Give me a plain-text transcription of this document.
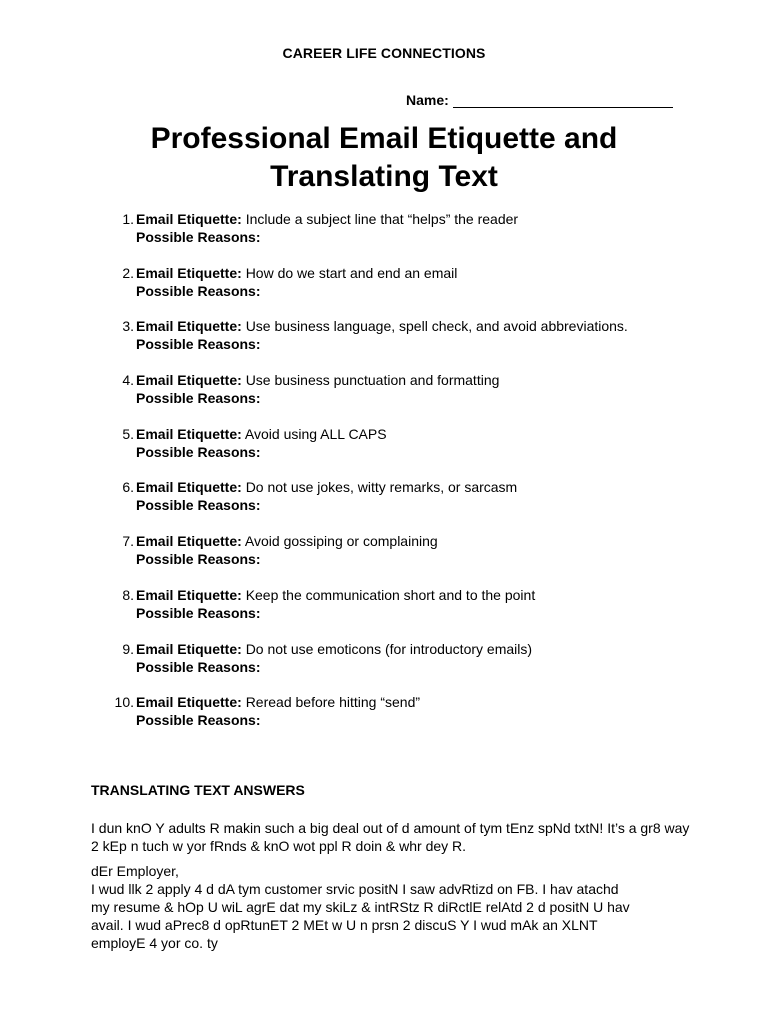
CAREER LIFE CONNECTIONS
Name:
Professional Email Etiquette and
Translating Text
1. Email Etiquette: Include a subject line that “helps” the reader
Possible Reasons:
2. Email Etiquette: How do we start and end an email
Possible Reasons:
3. Email Etiquette: Use business language, spell check, and avoid abbreviations.
Possible Reasons:
4. Email Etiquette: Use business punctuation and formatting
Possible Reasons:
5. Email Etiquette: Avoid using ALL CAPS
Possible Reasons:
6. Email Etiquette: Do not use jokes, witty remarks, or sarcasm
Possible Reasons:
7. Email Etiquette: Avoid gossiping or complaining
Possible Reasons:
8. Email Etiquette: Keep the communication short and to the point
Possible Reasons:
9. Email Etiquette: Do not use emoticons (for introductory emails)
Possible Reasons:
10. Email Etiquette: Reread before hitting “send”
Possible Reasons:
TRANSLATING TEXT ANSWERS
I dun knO Y adults R makin such a big deal out of d amount of tym tEnz spNd txtN! It’s a gr8 way 2 kEp n tuch w yor fRnds & knO wot ppl R doin & whr dey R.
dEr Employer,
I wud llk 2 apply 4 d dA tym customer srvic positN I saw advRtizd on FB. I hav atachd
my resume & hOp U wiL agrE dat my skiLz & intRStz R diRctlE relAtd 2 d positN U hav
avail. I wud aPrec8 d opRtunET 2 MEt w U n prsn 2 discuS Y I wud mAk an XLNT
employE 4 yor co. ty
